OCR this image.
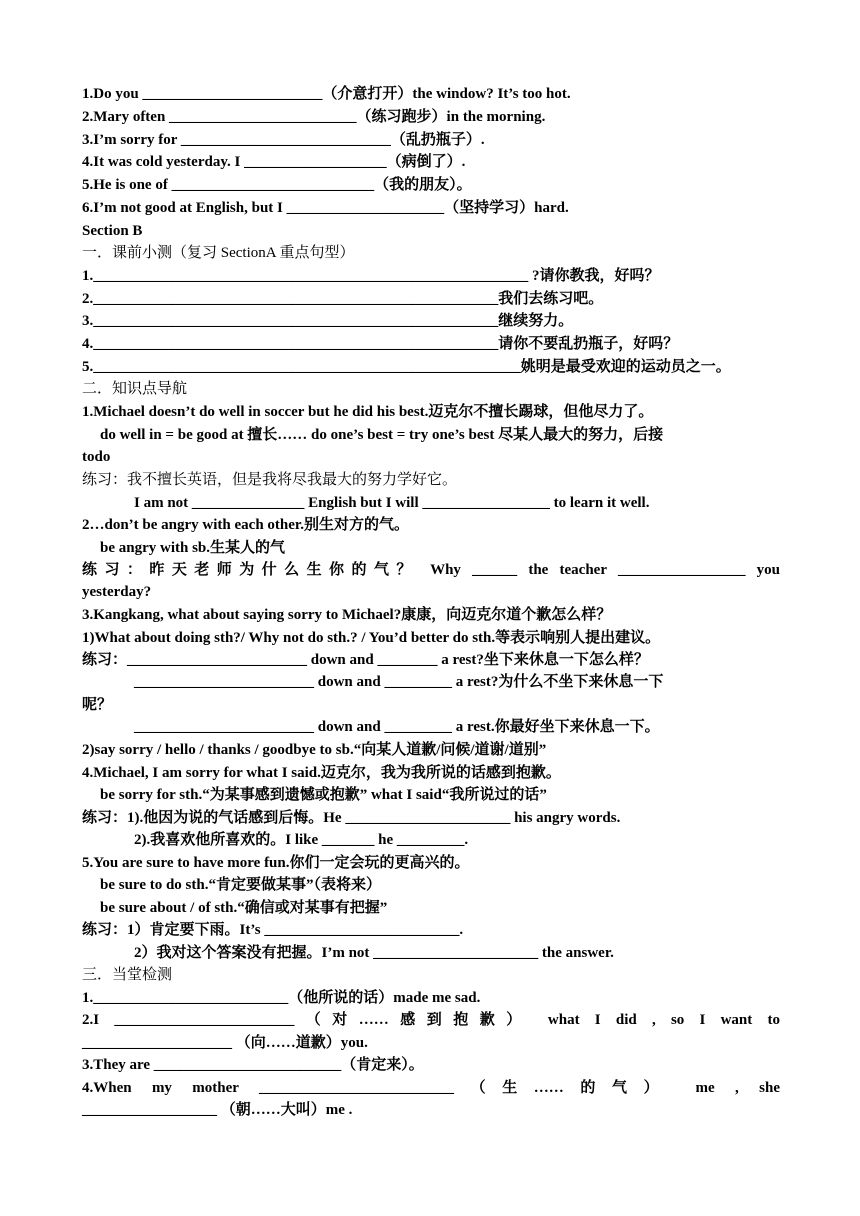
1.Do you ________________________（介意打开）the window? It’s too hot.
2.Mary often _________________________（练习跑步）in the morning.
3.I’m sorry for ____________________________（乱扔瓶子）.
4.It was cold yesterday. I ___________________（病倒了）.
5.He is one of ___________________________（我的朋友）。
6.I’m not good at English, but I _____________________（坚持学习）hard.
Section B
一．课前小测（复习 SectionA 重点句型）
1.__________________________________________________________ ?请你教我，好吗？
2.______________________________________________________我们去练习吧。
3.______________________________________________________继续努力。
4.______________________________________________________请你不要乱扔瓶子，好吗？
5._________________________________________________________姚明是最受欢迎的运动员之一。
二．知识点导航
1.Michael doesn’t do well in soccer but he did his best.迈克尔不擅长踢球，但他尽力了。
do well in = be good at 擅长…… do one’s best = try one’s best 尽某人最大的努力，后接
todo
练习：我不擅长英语，但是我将尽我最大的努力学好它。
I am not _______________ English but I will _________________ to learn it well.
2…don’t be angry with each other.别生对方的气。
be angry with sb.生某人的气
练习：昨天老师为什么生你的气？ Why ______ the teacher _________________ you
yesterday?
3.Kangkang, what about saying sorry to Michael?康康，向迈克尔道个歉怎么样？
1)What about doing sth?/ Why not do sth.? / You’d better do sth.等表示响别人提出建议。
练习：________________________ down and ________ a rest?坐下来休息一下怎么样？
________________________ down and _________ a rest?为什么不坐下来休息一下
呢？
________________________ down and _________ a rest.你最好坐下来休息一下。
2)say sorry / hello / thanks / goodbye to sb.“向某人道歉/问候/道谢/道别”
4.Michael, I am sorry for what I said.迈克尔，我为我所说的话感到抱歉。
be sorry for sth.“为某事感到遗憾或抱歉” what I said“我所说过的话”
练习：1).他因为说的气话感到后悔。He ______________________ his angry words.
2).我喜欢他所喜欢的。I like _______ he _________.
5.You are sure to have more fun.你们一定会玩的更高兴的。
be sure to do sth.“肯定要做某事”（表将来）
be sure about / of sth.“确信或对某事有把握”
练习：1）肯定要下雨。It’s __________________________.
2）我对这个答案没有把握。I’m not ______________________ the answer.
三．当堂检测
1.__________________________（他所说的话）made me sad.
2.I ________________________（对……感到抱歉） what I did , so I want to
____________________ （向……道歉）you.
3.They are _________________________（肯定来）。
4.When my mother __________________________（生……的气） me , she
__________________ （朝……大叫）me .
